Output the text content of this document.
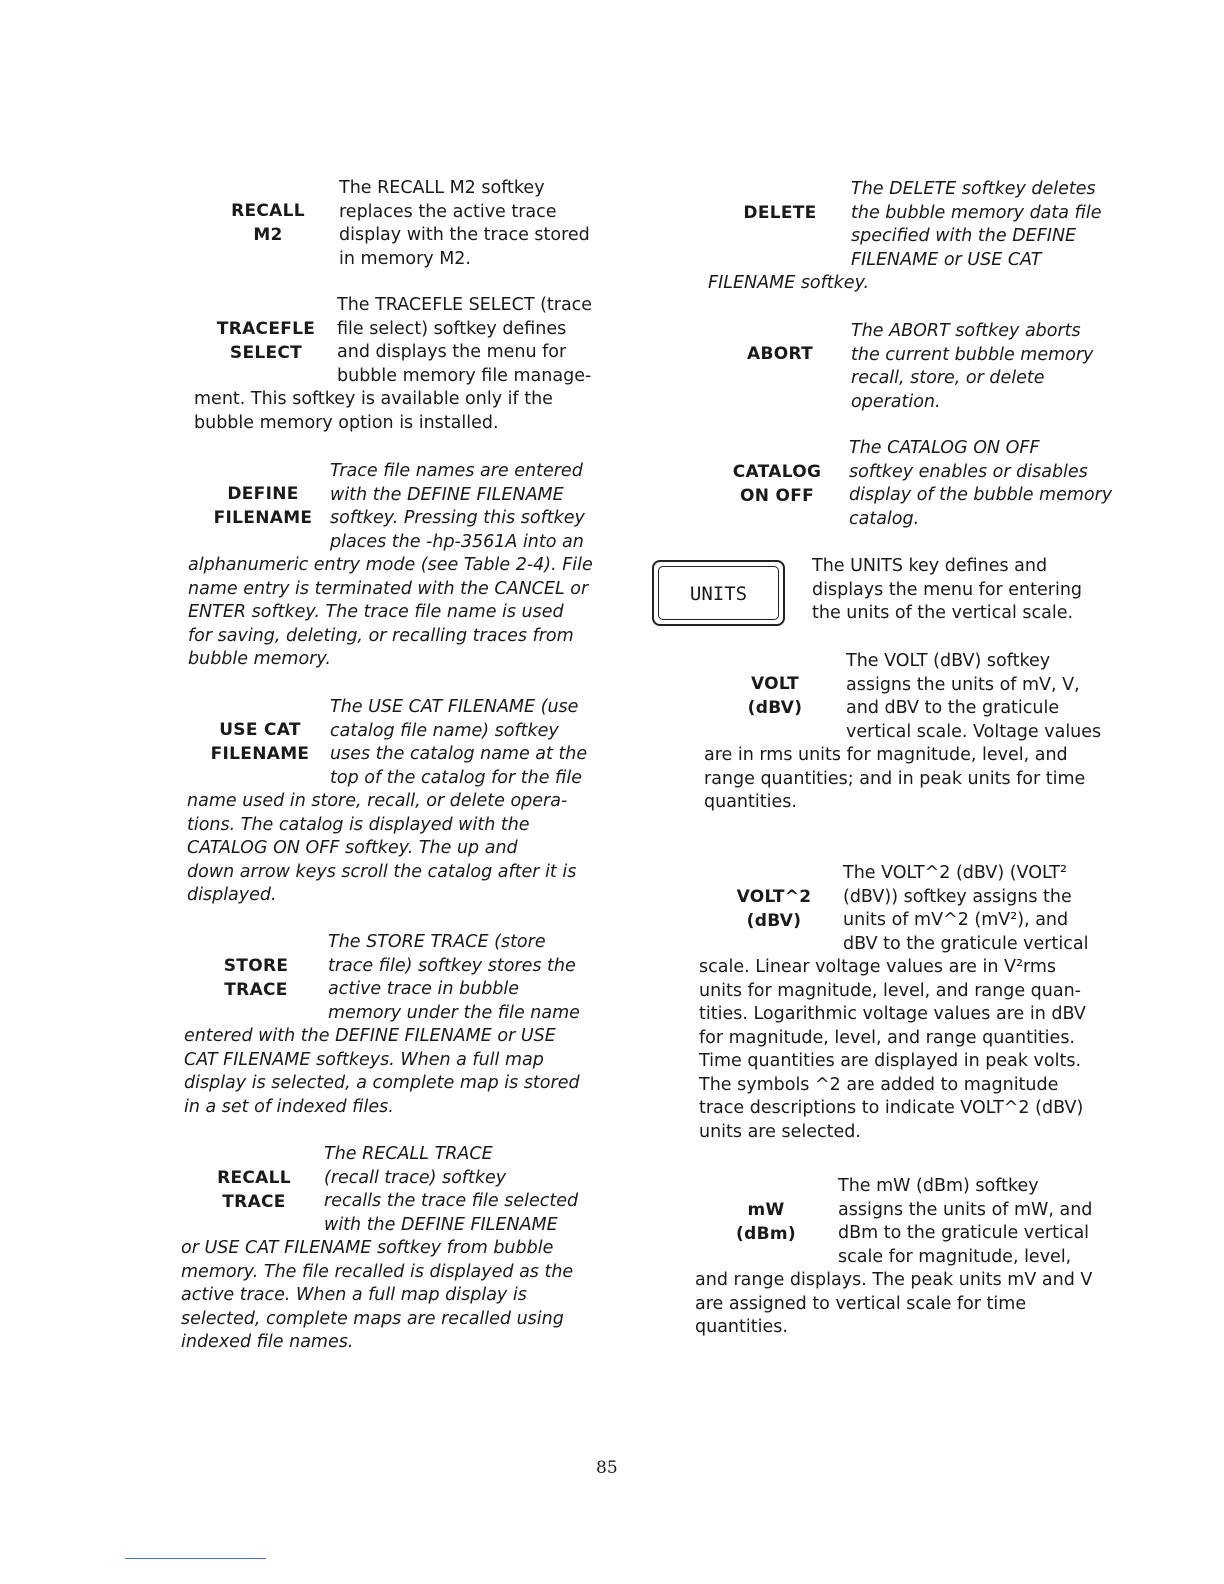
RECALL
M2
The RECALL M2 softkey
replaces the active trace
display with the trace stored
in memory M2.
TRACEFLE
SELECT
The TRACEFLE SELECT (trace
file select) softkey defines
and displays the menu for
bubble memory file manage-
ment. This softkey is available only if the
bubble memory option is installed.
DEFINE
FILENAME
Trace file names are entered
with the DEFINE FILENAME
softkey. Pressing this softkey
places the -hp-3561A into an
alphanumeric entry mode (see Table 2-4). File
name entry is terminated with the CANCEL or
ENTER softkey. The trace file name is used
for saving, deleting, or recalling traces from
bubble memory.
USE CAT
FILENAME
The USE CAT FILENAME (use
catalog file name) softkey
uses the catalog name at the
top of the catalog for the file
name used in store, recall, or delete opera-
tions. The catalog is displayed with the
CATALOG ON OFF softkey. The up and
down arrow keys scroll the catalog after it is
displayed.
STORE
TRACE
The STORE TRACE (store
trace file) softkey stores the
active trace in bubble
memory under the file name
entered with the DEFINE FILENAME or USE
CAT FILENAME softkeys. When a full map
display is selected, a complete map is stored
in a set of indexed files.
RECALL
TRACE
The RECALL TRACE
(recall trace) softkey
recalls the trace file selected
with the DEFINE FILENAME
or USE CAT FILENAME softkey from bubble
memory. The file recalled is displayed as the
active trace. When a full map display is
selected, complete maps are recalled using
indexed file names.
DELETE
The DELETE softkey deletes
the bubble memory data file
specified with the DEFINE
FILENAME or USE CAT
FILENAME softkey.
ABORT
The ABORT softkey aborts
the current bubble memory
recall, store, or delete
operation.
CATALOG
ON OFF
The CATALOG ON OFF
softkey enables or disables
display of the bubble memory
catalog.
UNITS
The UNITS key defines and
displays the menu for entering
the units of the vertical scale.
VOLT
(dBV)
The VOLT (dBV) softkey
assigns the units of mV, V,
and dBV to the graticule
vertical scale. Voltage values
are in rms units for magnitude, level, and
range quantities; and in peak units for time
quantities.
VOLT^2
(dBV)
The VOLT^2 (dBV) (VOLT²
(dBV)) softkey assigns the
units of mV^2 (mV²), and
dBV to the graticule vertical
scale. Linear voltage values are in V²rms
units for magnitude, level, and range quan-
tities. Logarithmic voltage values are in dBV
for magnitude, level, and range quantities.
Time quantities are displayed in peak volts.
The symbols ^2 are added to magnitude
trace descriptions to indicate VOLT^2 (dBV)
units are selected.
mW
(dBm)
The mW (dBm) softkey
assigns the units of mW, and
dBm to the graticule vertical
scale for magnitude, level,
and range displays. The peak units mV and V
are assigned to vertical scale for time
quantities.
85
